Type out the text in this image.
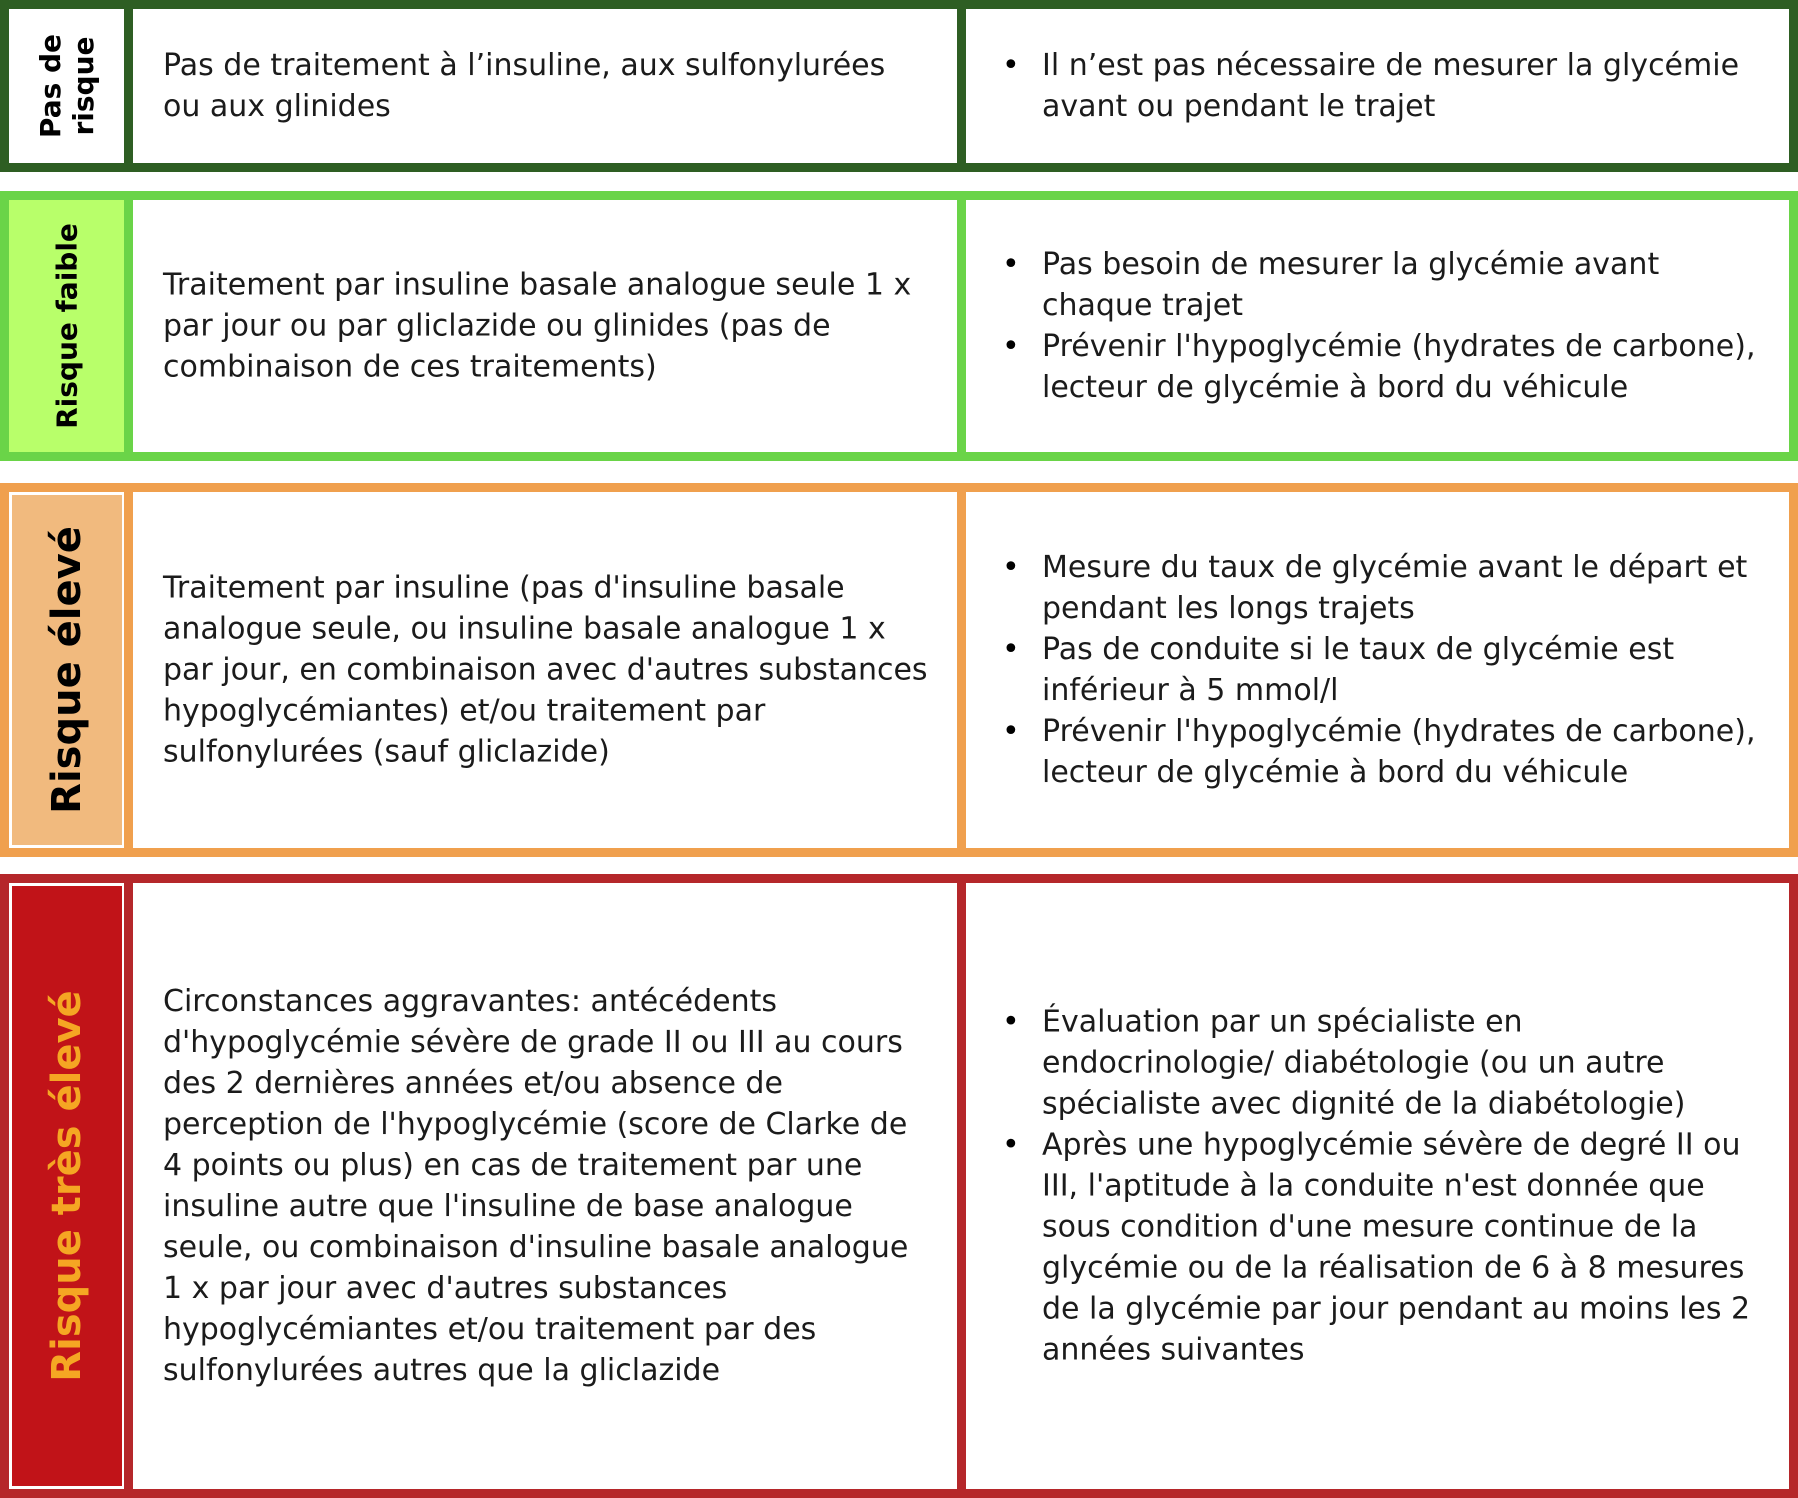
Pas de risque Pas de traitement à l’insuline, aux sulfonylurées ou aux glinides
• Il n’est pas nécessaire de mesurer la glycémie avant ou pendant le trajet
Risque faible	Traitement par insuline basale analogue seule 1 x par jour ou par gliclazide ou glinides (pas de combinaison de ces traitements)
• Pas besoin de mesurer la glycémie avant chaque trajet
• Prévenir l'hypoglycémie (hydrates de carbone), lecteur de glycémie à bord du véhicule
Risque élevé Traitement par insuline (pas d'insuline basale analogue seule, ou insuline basale analogue 1 x par jour, en combinaison avec d'autres substances hypoglycémiantes) et/ou traitement par sulfonylurées (sauf gliclazide)
• Mesure du taux de glycémie avant le départ et pendant les longs trajets
• Pas de conduite si le taux de glycémie est inférieur à 5 mmol/l
• Prévenir l'hypoglycémie (hydrates de carbone), lecteur de glycémie à bord du véhicule
Risque très élevé Circonstances aggravantes: antécédents d'hypoglycémie sévère de grade II ou III au cours des 2 dernières années et/ou absence de perception de l'hypoglycémie (score de Clarke de 4 points ou plus) en cas de traitement par une insuline autre que l'insuline de base analogue seule, ou combinaison d'insuline basale analogue 1 x par jour avec d'autres substances hypoglycémiantes et/ou traitement par des sulfonylurées autres que la gliclazide
• Évaluation par un spécialiste en endocrinologie/ diabétologie (ou un autre spécialiste avec dignité de la diabétologie)
• Après une hypoglycémie sévère de degré II ou III, l'aptitude à la conduite n'est donnée que sous condition d'une mesure continue de la glycémie ou de la réalisation de 6 à 8 mesures de la glycémie par jour pendant au moins les 2 années suivantes
